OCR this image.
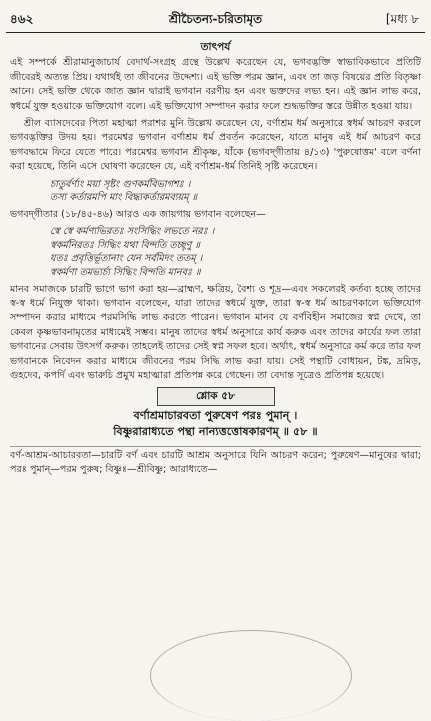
৪৬২	শ্রীচৈতন্য-চরিতামৃত	[মধ্য ৮
তাৎপর্য

এই সম্পর্কে শ্রীরামানুজাচার্য বেদার্থ-সংগ্রহ গ্রন্থে উল্লেখ করেছেন যে, ভগবদ্ভক্তি স্বাভাবিকভাবে প্রতিটি জীবেরই অত্যন্ত প্রিয়। যথার্থই তা জীবনের উদ্দেশ্য। এই ভক্তি পরম জ্ঞান, এবং তা জড় বিষয়ের প্রতি বিতৃষ্ণা আনে। সেই ভক্তি থেকে জাত জ্ঞান দ্বারাই ভগবান বরণীয় হন এবং ভক্তদের লভ্য হন। এই জ্ঞান লাভ করে, স্বধর্মে যুক্ত হওয়াকে ভক্তিযোগ বলে। এই ভক্তিযোগ সম্পাদন করার ফলে শুদ্ধভক্তির স্তরে উন্নীত হওয়া যায়।

শ্রীল ব্যাসদেবের পিতা মহাত্মা পরাশর মুনি উল্লেখ করেছেন যে, বর্ণাশ্রম ধর্ম অনুসারে স্বধর্ম আচরণ করলে ভগবদ্ভক্তির উদয় হয়। পরমেশ্বর ভগবান বর্ণাশ্রম ধর্ম প্রবর্তন করেছেন, যাতে মানুষ এই ধর্ম আচরণ করে ভগবদ্ধামে ফিরে যেতে পারে। পরমেশ্বর ভগবান শ্রীকৃষ্ণ, যাঁকে (ভগবদ্‌গীতায় ৪/১৩) 'পুরুষোত্তম' বলে বর্ণনা করা হয়েছে, তিনি এসে ঘোষণা করেছেন যে, এই বর্ণাশ্রম-ধর্ম তিনিই সৃষ্টি করেছেন।

চাতুর্বর্ণ্যং ময়া সৃষ্টং গুণকর্মবিভাগশঃ ।
তস্য কর্তারমপি মাং বিদ্ধ্যকর্তারমব্যয়ম্‌ ॥

ভগবদ্‌গীতার (১৮/৪৫-৪৬) আরও এক জায়গায় ভগবান বলেছেন—

স্বে স্বে কর্মণ্যভিরতঃ সংসিদ্ধিং লভতে নরঃ ।
স্বকর্মনিরতঃ সিদ্ধিং যথা বিন্দতি তচ্ছৃণু ॥
যতঃ প্রবৃত্তির্ভূতানাং যেন সর্বমিদং ততম্‌ ।
স্বকর্মণা তমভ্যর্চ্য সিদ্ধিং বিন্দতি মানবঃ ॥

মানব সমাজকে চারটি ভাগে ভাগ করা হয়—ব্রাহ্মণ, ক্ষত্রিয়, বৈশ্য ও শূদ্র—এবং সকলেরই কর্তব্য হচ্ছে তাদের স্ব-স্ব ধর্মে নিযুক্ত থাকা। ভগবান বলেছেন, যারা তাদের স্বধর্মে যুক্ত, তারা স্ব-স্ব ধর্ম আচরণকালে ভক্তিযোগ সম্পাদন করার মাধ্যমে পরমসিদ্ধি লাভ করতে পারেন। ভগবান মানব যে বর্ণবিহীন সমাজের স্বপ্ন দেখে, তা কেবল কৃষ্ণভাবনামৃতের মাধ্যমেই সম্ভব। মানুষ তাদের স্বধর্ম অনুসারে কার্য করুক এবং তাদের কার্যের ফল তারা ভগবানের সেবায় উৎসর্গ করুক। তাহলেই তাদের সেই স্বপ্ন সফল হবে। অর্থাৎ, স্বধর্ম অনুসারে কর্ম করে তার ফল ভগবানকে নিবেদন করার মাধ্যমে জীবনের পরম সিদ্ধি লাভ করা যায়। সেই পন্থাটি বোধায়ন, টঙ্ক, দ্রমিড়, গুহদেব, কপর্দি এবং ভারুচি প্রমুখ মহাত্মারা প্রতিপন্ন করে গেছেন। তা বেদান্ত সূত্রেও প্রতিপন্ন হয়েছে।

শ্লোক ৫৮
বর্ণাশ্রমাচারবতা পুরুষেণ পরঃ পুমান্‌ ।
বিষ্ণুরারাধ্যতে পন্থা নান্যত্তত্তোষকারণম্‌ ॥ ৫৮ ॥
বর্ণ-আশ্রম-আচারবতা—চারটি বর্ণ এবং চারটি আশ্রম অনুসারে যিনি আচরণ করেন; পুরুষেণ—মানুষের দ্বারা; পরঃ পুমান্‌—পরম পুরুষ; বিষ্ণুঃ—শ্রীবিষ্ণু; আরাধ্যতে—
